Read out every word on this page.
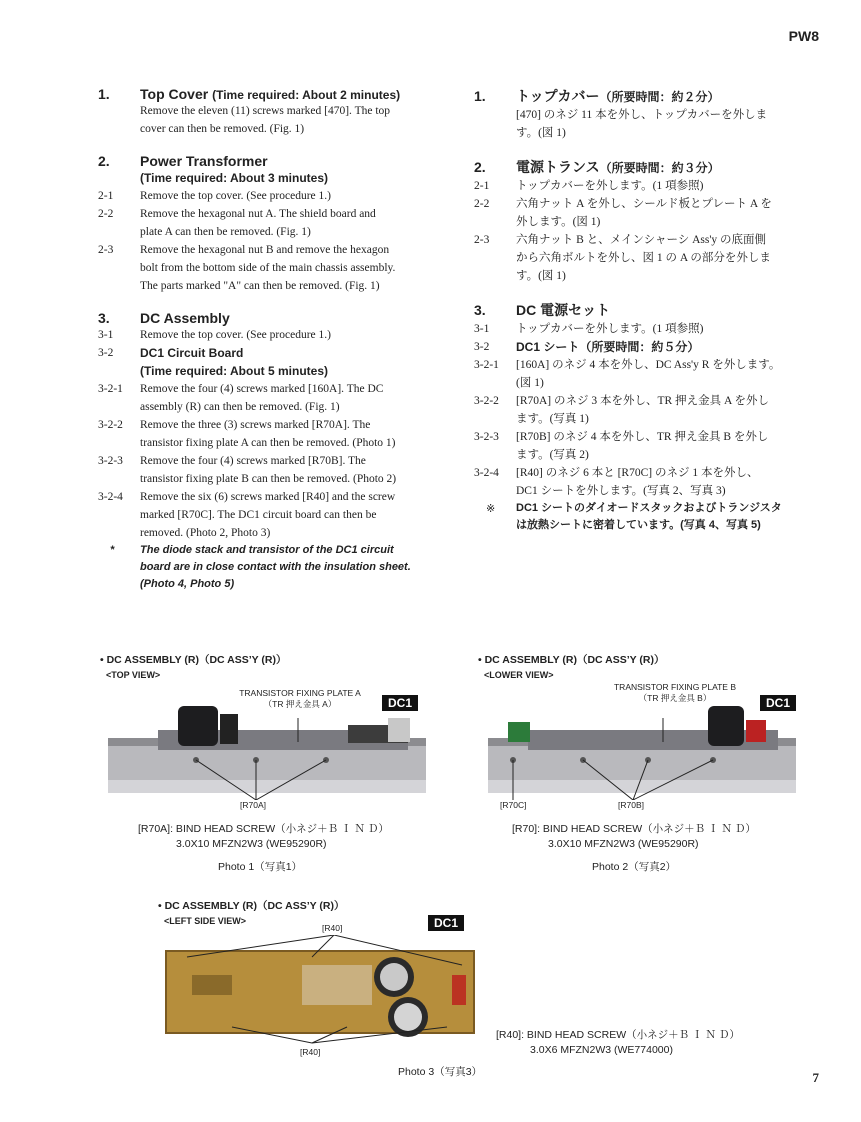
PW8
1.	Top Cover (Time required: About 2 minutes)
Remove the eleven (11) screws marked [470]. The top
cover can then be removed. (Fig. 1)
2.	Power Transformer
(Time required: About 3 minutes)
2-1	Remove the top cover. (See procedure 1.)
2-2	Remove the hexagonal nut A. The shield board and
plate A can then be removed. (Fig. 1)
2-3	Remove the hexagonal nut B and remove the hexagon
bolt from the bottom side of the main chassis assembly.
The parts marked "A" can then be removed. (Fig. 1)
3.	DC Assembly
3-1	Remove the top cover. (See procedure 1.)
3-2	DC1 Circuit Board
(Time required: About 5 minutes)
3-2-1	Remove the four (4) screws marked [160A]. The DC
assembly (R) can then be removed. (Fig. 1)
3-2-2	Remove the three (3) screws marked [R70A]. The
transistor fixing plate A can then be removed. (Photo 1)
3-2-3	Remove the four (4) screws marked [R70B]. The
transistor fixing plate B can then be removed. (Photo 2)
3-2-4	Remove the six (6) screws marked [R40] and the screw
marked [R70C]. The DC1 circuit board can then be
removed. (Photo 2, Photo 3)
*	The diode stack and transistor of the DC1 circuit
board are in close contact with the insulation sheet.
(Photo 4, Photo 5)
1.	トップカバー（所要時間：約２分）
[470] のネジ 11 本を外し、トップカバーを外しま
す。(図 1)
2.	電源トランス（所要時間：約３分）
2-1	トップカバーを外します。(1 項参照)
2-2	六角ナット A を外し、シールド板とプレート A を
外します。(図 1)
2-3	六角ナット B と、メインシャーシ Ass'y の底面側
から六角ボルトを外し、図 1 の A の部分を外しま
す。(図 1)
3.	DC 電源セット
3-1	トップカバーを外します。(1 項参照)
3-2	DC1 シート（所要時間：約５分）
3-2-1	[160A] のネジ 4 本を外し、DC Ass'y R を外します。
(図 1)
3-2-2	[R70A] のネジ 3 本を外し、TR 押え金具 A を外し
ます。(写真 1)
3-2-3	[R70B] のネジ 4 本を外し、TR 押え金具 B を外し
ます。(写真 2)
3-2-4	[R40] のネジ 6 本と [R70C] のネジ 1 本を外し、
DC1 シートを外します。(写真 2、写真 3)
※	DC1 シートのダイオードスタックおよびトランジスタ
は放熱シートに密着しています。(写真 4、写真 5)
• DC ASSEMBLY (R)（DC ASS’Y (R)）
<TOP VIEW>
TRANSISTOR FIXING PLATE A
（TR 押え金具 A）	DC1
[R70A]
[R70A]: BIND HEAD SCREW（小ネジ＋Ｂ Ｉ Ｎ Ｄ）
3.0X10 MFZN2W3 (WE95290R)
Photo 1（写真1）
• DC ASSEMBLY (R)（DC ASS’Y (R)）
<LOWER VIEW>
TRANSISTOR FIXING PLATE B
（TR 押え金具 B）	DC1
[R70C]	[R70B]
[R70]: BIND HEAD SCREW（小ネジ＋Ｂ Ｉ Ｎ Ｄ）
3.0X10 MFZN2W3 (WE95290R)
Photo 2（写真2）
• DC ASSEMBLY (R)（DC ASS’Y (R)）
<LEFT SIDE VIEW>
[R40]	DC1
[R40]
[R40]: BIND HEAD SCREW（小ネジ＋Ｂ Ｉ Ｎ Ｄ）
3.0X6 MFZN2W3 (WE774000)
Photo 3（写真3）	7
